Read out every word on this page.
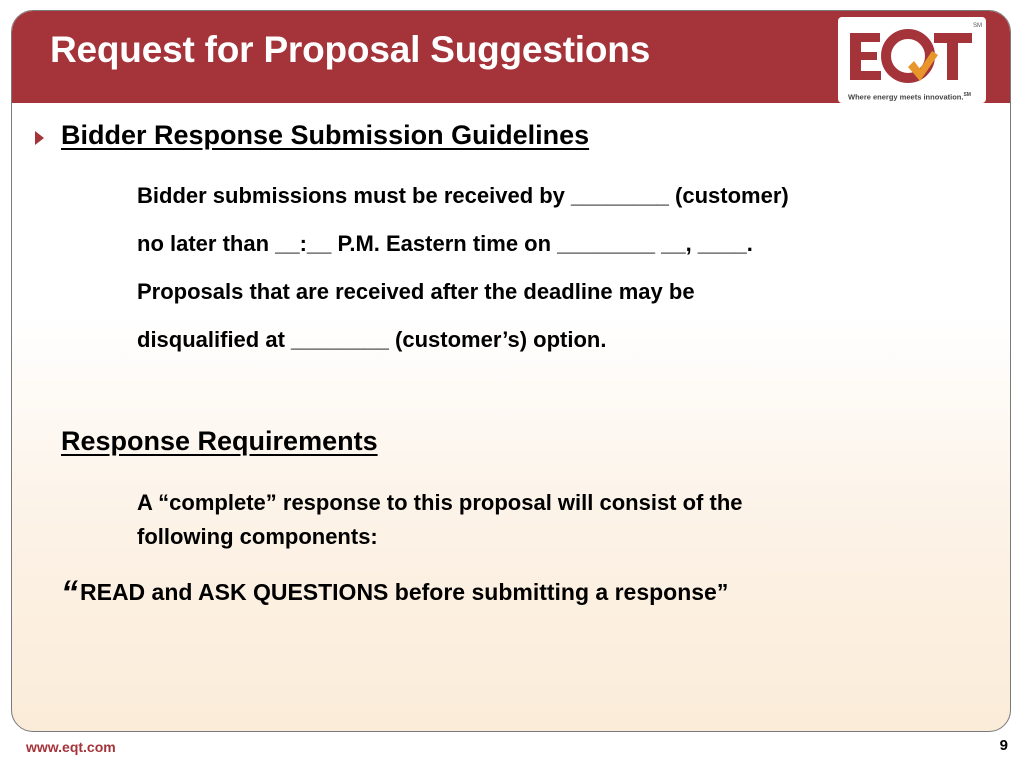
Request for Proposal Suggestions
SM
Where energy meets innovation.℠
Bidder Response Submission Guidelines
Bidder submissions must be received by ________ (customer)
no later than __:__ P.M. Eastern time on ________ __, ____.
Proposals that are received after the deadline may be
disqualified at ________ (customer’s) option.
Response Requirements
A “complete” response to this proposal will consist of the
following components:
“READ and ASK QUESTIONS before submitting a response”
www.eqt.com	9
